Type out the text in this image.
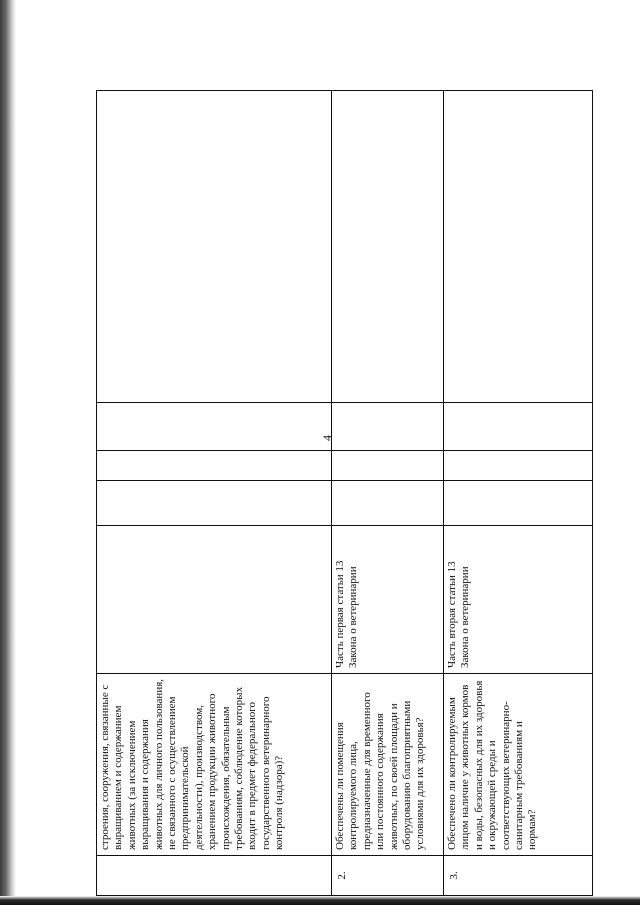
4
	строения, сооружения, связанные с выращиванием и содержанием животных (за исключением выращивания и содержания животных для личного пользования, не связанного с осуществлением предпринимательской деятельности), производством, хранением продукции животного происхождения, обязательным требованиям, соблюдение которых входит в предмет федерального государственного ветеринарного контроля (надзора)?					
2.	Обеспечены ли помещения контролируемого лица, предназначенные для временного или постоянного содержания животных, по своей площади и оборудованию благоприятными условиями для их здоровья?	Часть первая статьи 13 Закона о ветеринарии				
3.	Обеспечено ли контролируемым лицом наличие у животных кормов и воды, безопасных для их здоровья и окружающей среды и соответствующих ветеринарно-санитарным требованиям и нормам?	Часть вторая статьи 13 Закона о ветеринарии				
